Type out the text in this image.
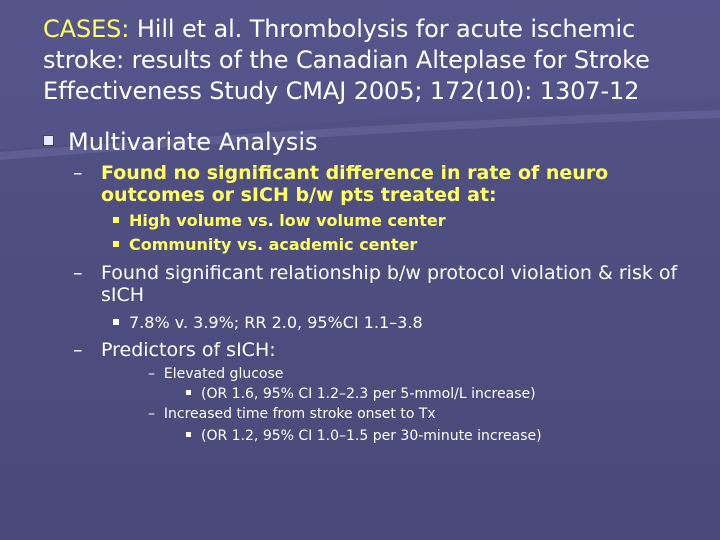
CASES: Hill et al. Thrombolysis for acute ischemic stroke: results of the Canadian Alteplase for Stroke Effectiveness Study CMAJ 2005; 172(10): 1307-12
Multivariate Analysis
– Found no significant difference in rate of neuro outcomes or sICH b/w pts treated at:
High volume vs. low volume center
Community vs. academic center
– Found significant relationship b/w protocol violation & risk of sICH
7.8% v. 3.9%; RR 2.0, 95%CI 1.1–3.8
– Predictors of sICH:
– Elevated glucose
(OR 1.6, 95% CI 1.2–2.3 per 5-mmol/L increase)
– Increased time from stroke onset to Tx
(OR 1.2, 95% CI 1.0–1.5 per 30-minute increase)
